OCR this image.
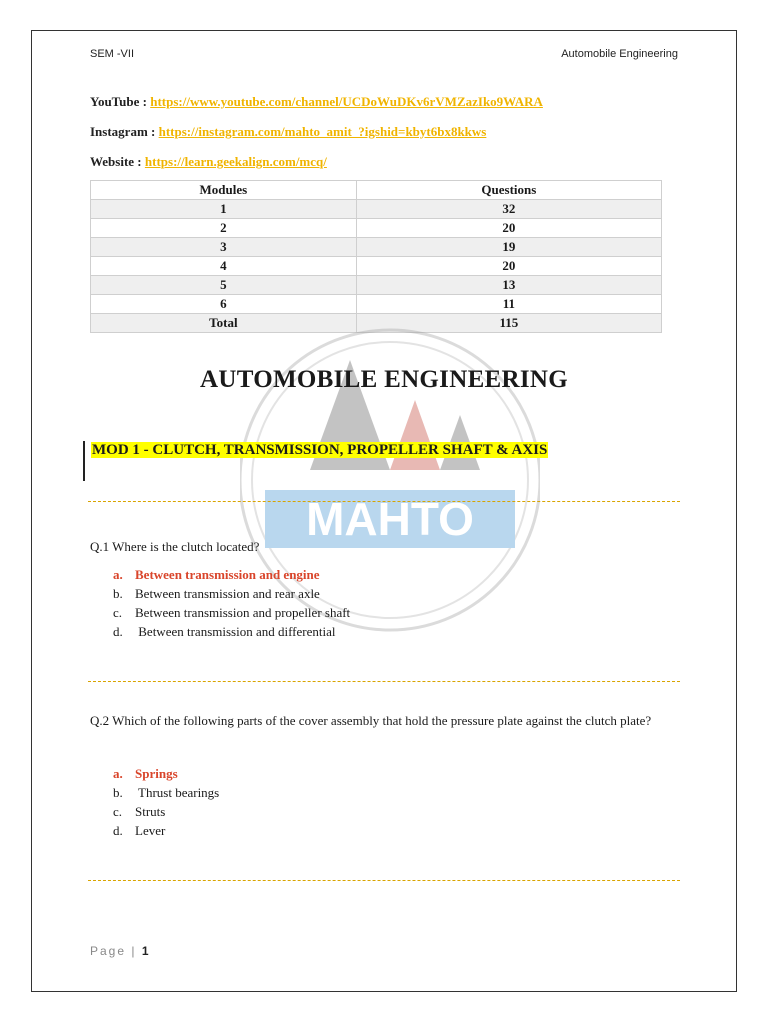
SEM -VII	Automobile Engineering
YouTube : https://www.youtube.com/channel/UCDoWuDKv6rVMZazIko9WARA
Instagram : https://instagram.com/mahto_amit_?igshid=kbyt6bx8kkws
Website : https://learn.geekalign.com/mcq/
Modules	Questions
1	32
2	20
3	19
4	20
5	13
6	11
Total	115
MAHTO
AUTOMOBILE ENGINEERING
MOD 1 - CLUTCH, TRANSMISSION, PROPELLER SHAFT & AXIS
Q.1 Where is the clutch located?
a. Between transmission and engine
b. Between transmission and rear axle
c. Between transmission and propeller shaft
d. Between transmission and differential
Q.2 Which of the following parts of the cover assembly that hold the pressure plate against the clutch plate?
a. Springs
b. Thrust bearings
c. Struts
d. Lever
Page | 1
